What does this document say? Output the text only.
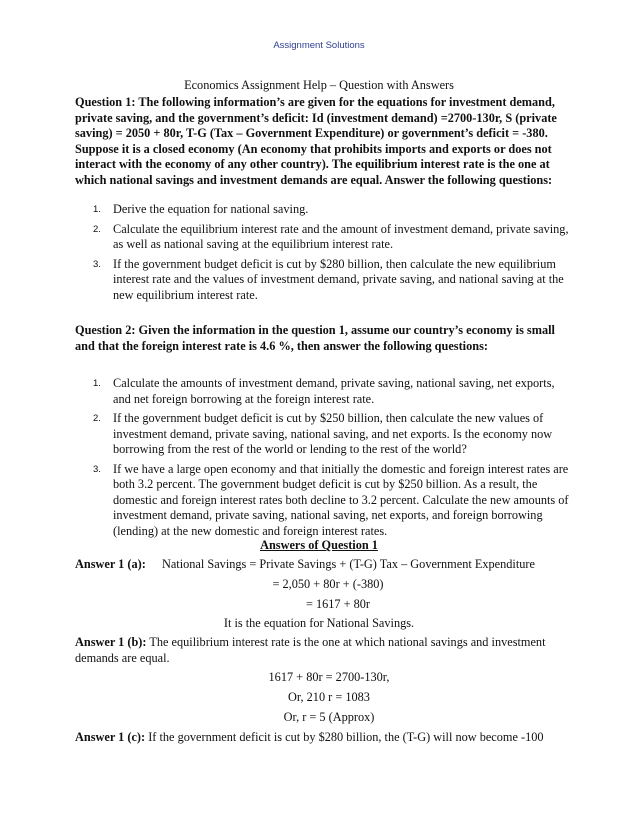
Assignment Solutions
Economics Assignment Help – Question with Answers
Question 1: The following information’s are given for the equations for investment demand, private saving, and the government’s deficit: Id (investment demand) =2700-130r, S (private saving) = 2050 + 80r, T-G (Tax – Government Expenditure) or government’s deficit = -380. Suppose it is a closed economy (An economy that prohibits imports and exports or does not interact with the economy of any other country). The equilibrium interest rate is the one at which national savings and investment demands are equal. Answer the following questions:
1. Derive the equation for national saving.
2. Calculate the equilibrium interest rate and the amount of investment demand, private saving, as well as national saving at the equilibrium interest rate.
3. If the government budget deficit is cut by $280 billion, then calculate the new equilibrium interest rate and the values of investment demand, private saving, and national saving at the new equilibrium interest rate.
Question 2: Given the information in the question 1, assume our country’s economy is small and that the foreign interest rate is 4.6 %, then answer the following questions:
1. Calculate the amounts of investment demand, private saving, national saving, net exports, and net foreign borrowing at the foreign interest rate.
2. If the government budget deficit is cut by $250 billion, then calculate the new values of investment demand, private saving, national saving, and net exports. Is the economy now borrowing from the rest of the world or lending to the rest of the world?
3. If we have a large open economy and that initially the domestic and foreign interest rates are both 3.2 percent. The government budget deficit is cut by $250 billion. As a result, the domestic and foreign interest rates both decline to 3.2 percent. Calculate the new amounts of investment demand, private saving, national saving, net exports, and foreign borrowing (lending) at the new domestic and foreign interest rates.
Answers of Question 1
Answer 1 (a): National Savings = Private Savings + (T-G) Tax – Government Expenditure
= 2,050 + 80r + (-380)
= 1617 + 80r
It is the equation for National Savings.
Answer 1 (b): The equilibrium interest rate is the one at which national savings and investment demands are equal.
1617 + 80r = 2700-130r,
Or, 210 r = 1083
Or, r = 5 (Approx)
Answer 1 (c): If the government deficit is cut by $280 billion, the (T-G) will now become -100
